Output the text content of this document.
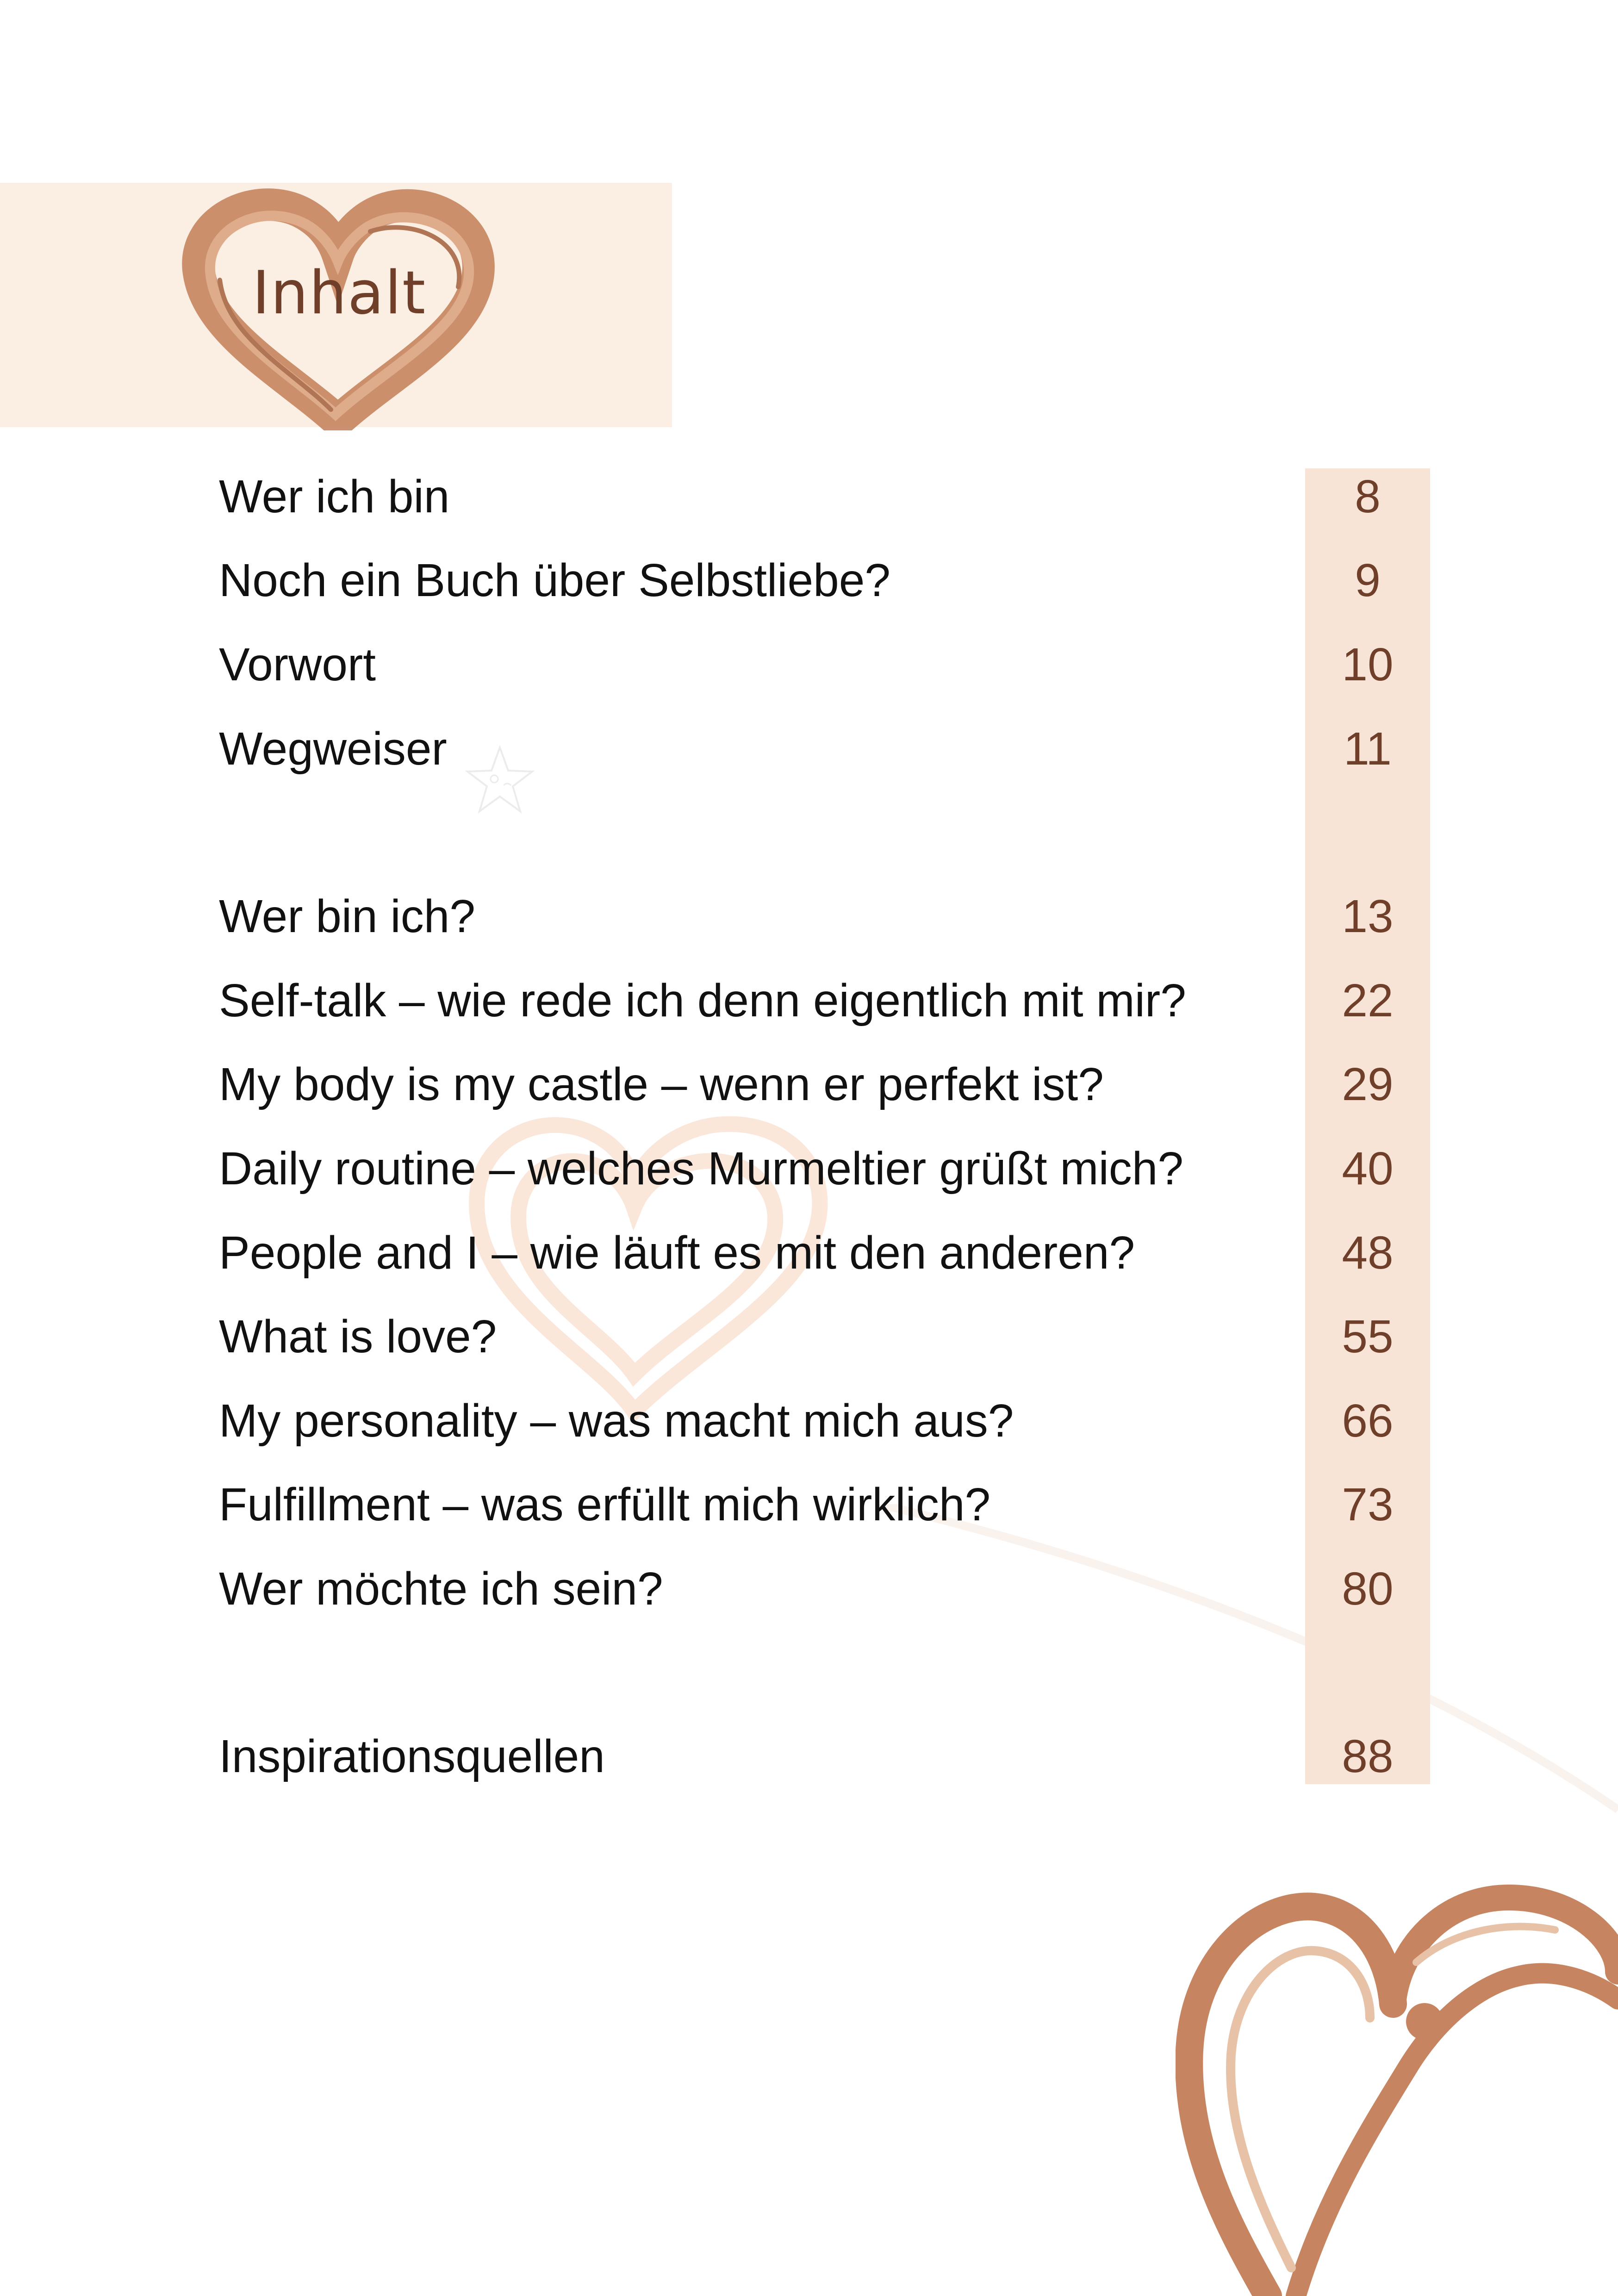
Inhalt
Wer ich bin	8
Noch ein Buch über Selbstliebe?	9
Vorwort	10
Wegweiser	11
Wer bin ich?	13
Self-talk – wie rede ich denn eigentlich mit mir?	22
My body is my castle – wenn er perfekt ist?	29
Daily routine – welches Murmeltier grüßt mich?	40
People and I – wie läuft es mit den anderen?	48
What is love?	55
My personality – was macht mich aus?	66
Fulfillment – was erfüllt mich wirklich?	73
Wer möchte ich sein?	80
Inspirationsquellen	88
